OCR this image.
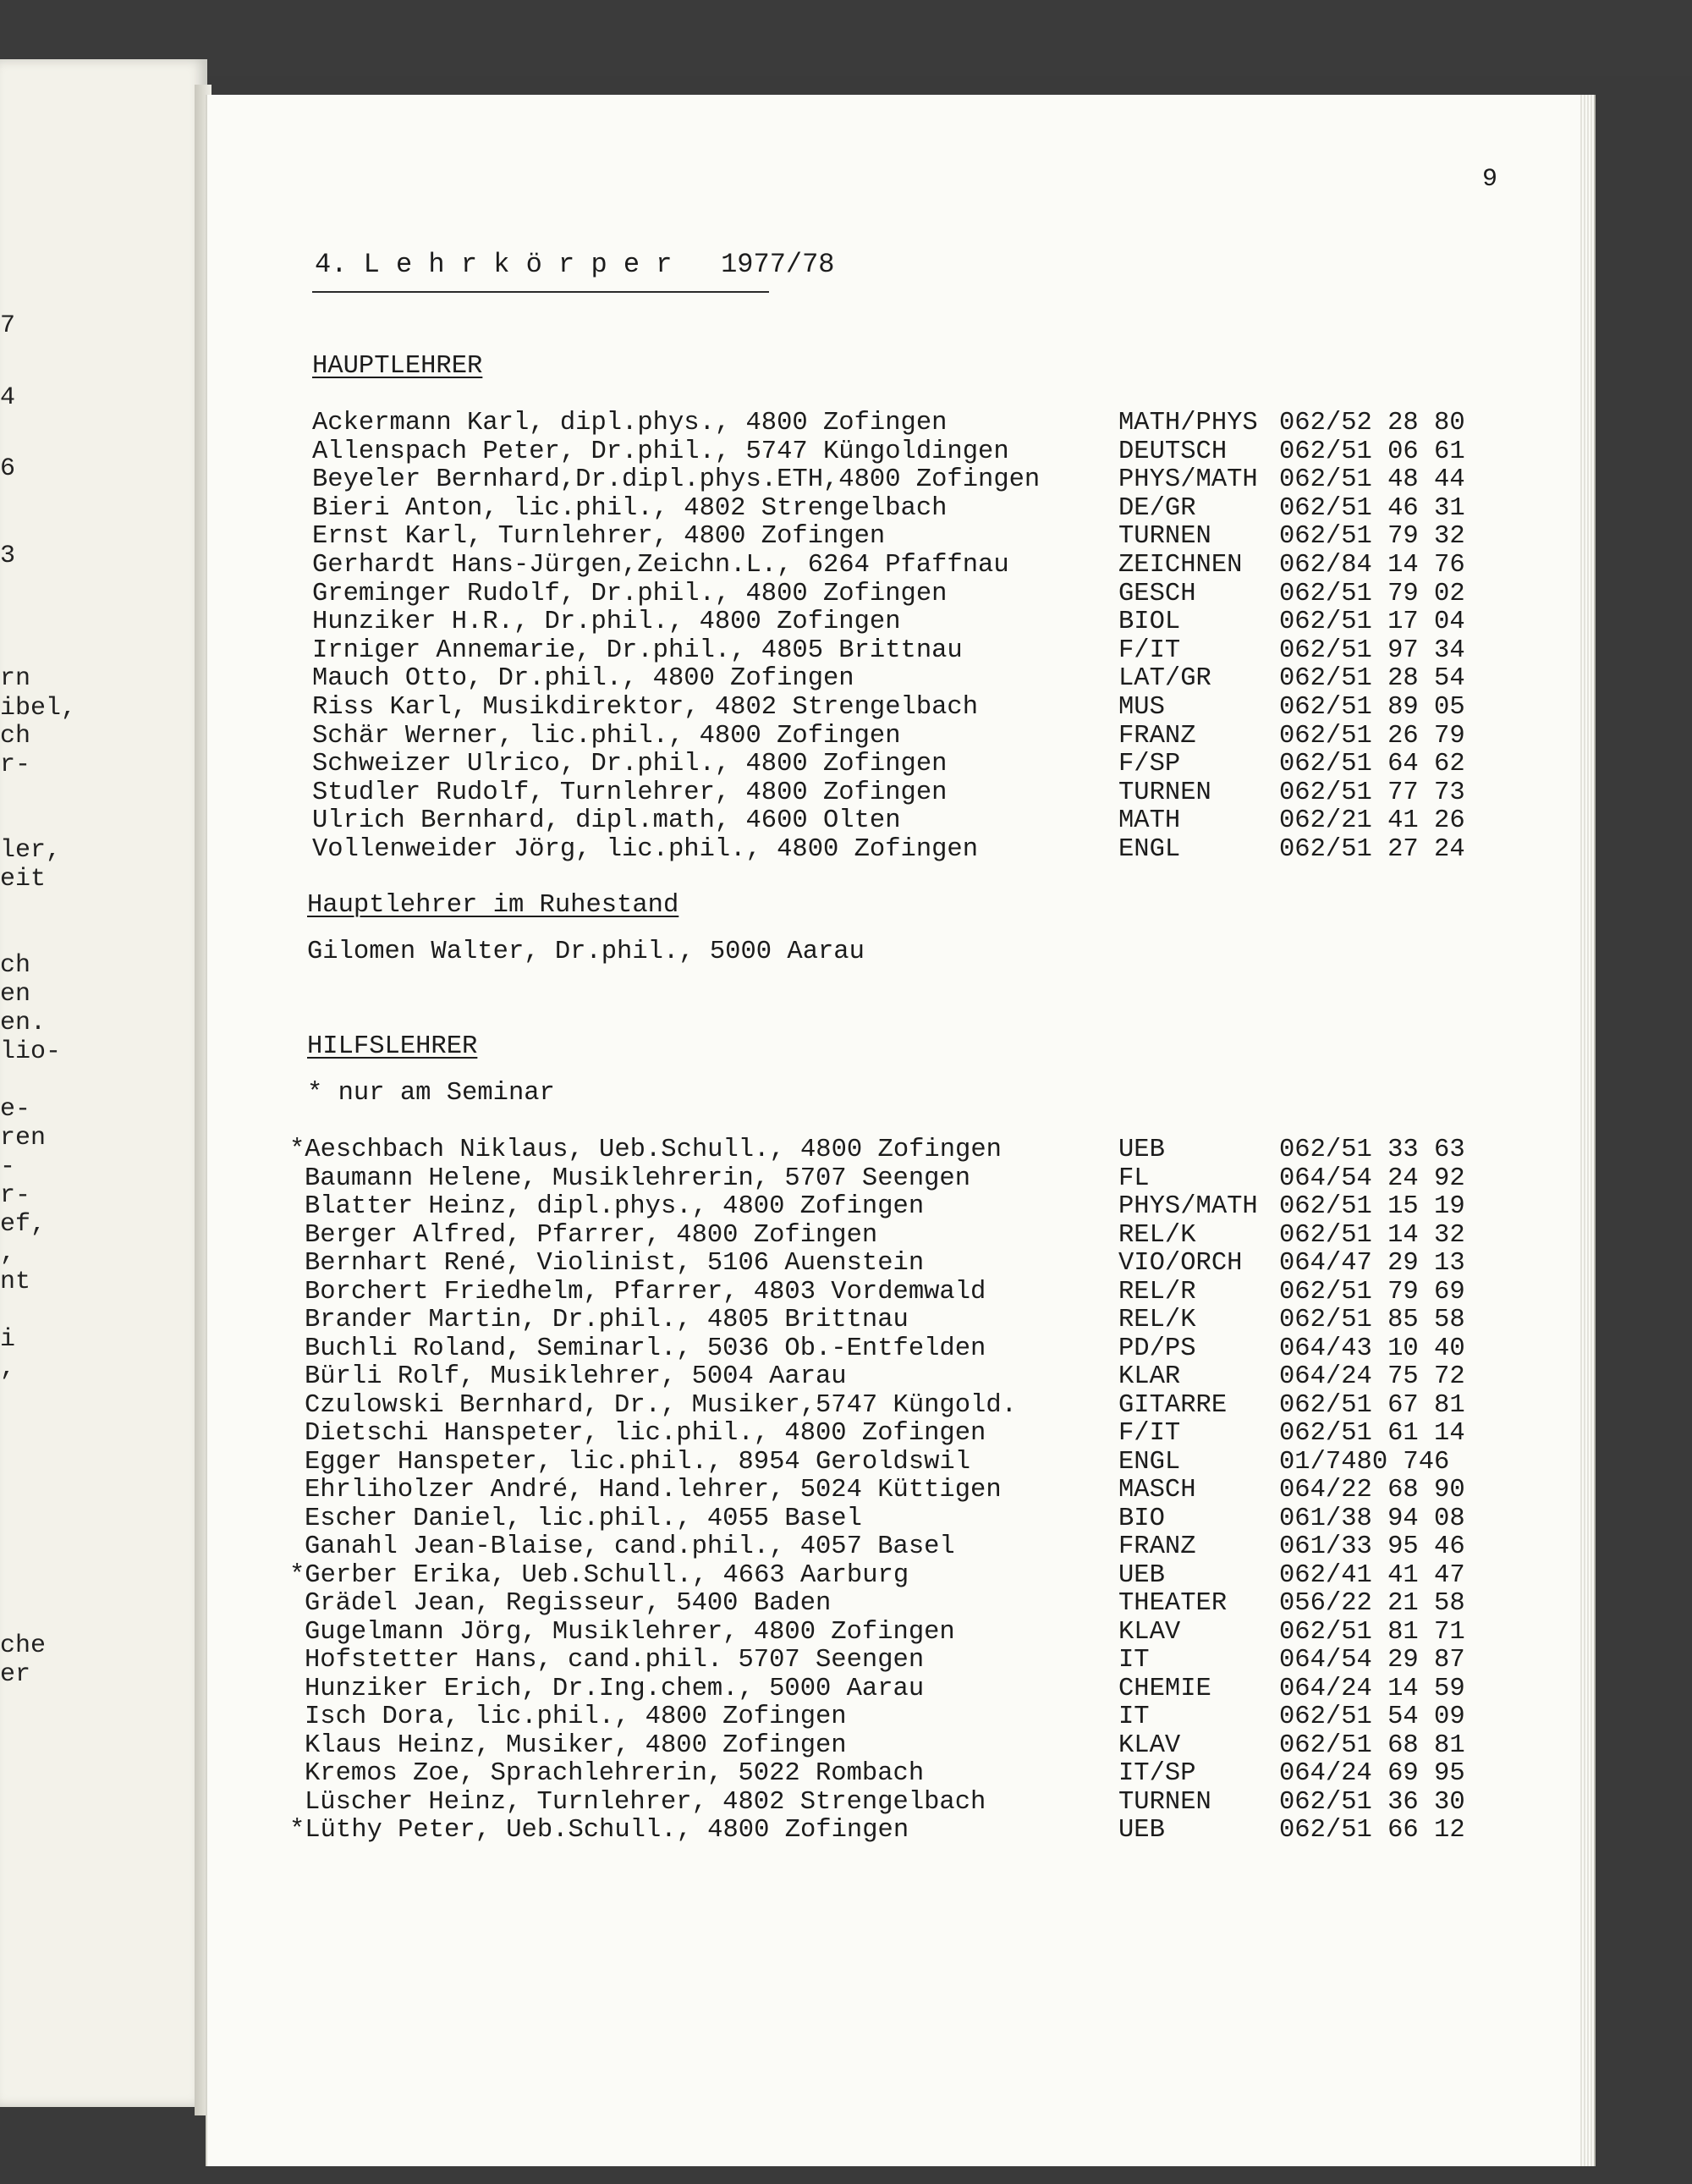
7
4
6
3
rn
ibel,
ch
r-
ler,
eit
ch
en
en.
lio-
e-
ren
-
r-
ef,
,
nt
i
,
che
er
9
4. L e h r k ö r p e r   1977/78
HAUPTLEHRER
Ackermann Karl, dipl.phys., 4800 Zofingen	MATH/PHYS 062/52 28 80
Allenspach Peter, Dr.phil., 5747 Küngoldingen	DEUTSCH 062/51 06 61
Beyeler Bernhard,Dr.dipl.phys.ETH,4800 Zofingen	PHYS/MATH 062/51 48 44
Bieri Anton, lic.phil., 4802 Strengelbach	DE/GR	062/51 46 31
Ernst Karl, Turnlehrer, 4800 Zofingen	TURNEN	062/51 79 32
Gerhardt Hans-Jürgen,Zeichn.L., 6264 Pfaffnau	ZEICHNEN 062/84 14 76
Greminger Rudolf, Dr.phil., 4800 Zofingen	GESCH	062/51 79 02
Hunziker H.R., Dr.phil., 4800 Zofingen	BIOL	062/51 17 04
Irniger Annemarie, Dr.phil., 4805 Brittnau	F/IT	062/51 97 34
Mauch Otto, Dr.phil., 4800 Zofingen	LAT/GR	062/51 28 54
Riss Karl, Musikdirektor, 4802 Strengelbach	MUS	062/51 89 05
Schär Werner, lic.phil., 4800 Zofingen	FRANZ	062/51 26 79
Schweizer Ulrico, Dr.phil., 4800 Zofingen	F/SP	062/51 64 62
Studler Rudolf, Turnlehrer, 4800 Zofingen	TURNEN	062/51 77 73
Ulrich Bernhard, dipl.math, 4600 Olten	MATH	062/21 41 26
Vollenweider Jörg, lic.phil., 4800 Zofingen	ENGL	062/51 27 24
Hauptlehrer im Ruhestand
Gilomen Walter, Dr.phil., 5000 Aarau
HILFSLEHRER
* nur am Seminar
*Aeschbach Niklaus, Ueb.Schull., 4800 Zofingen	UEB	062/51 33 63
Baumann Helene, Musiklehrerin, 5707 Seengen	FL	064/54 24 92
Blatter Heinz, dipl.phys., 4800 Zofingen	PHYS/MATH 062/51 15 19
Berger Alfred, Pfarrer, 4800 Zofingen	REL/K	062/51 14 32
Bernhart René, Violinist, 5106 Auenstein	VIO/ORCH 064/47 29 13
Borchert Friedhelm, Pfarrer, 4803 Vordemwald	REL/R	062/51 79 69
Brander Martin, Dr.phil., 4805 Brittnau	REL/K	062/51 85 58
Buchli Roland, Seminarl., 5036 Ob.-Entfelden	PD/PS	064/43 10 40
Bürli Rolf, Musiklehrer, 5004 Aarau	KLAR	064/24 75 72
Czulowski Bernhard, Dr., Musiker,5747 Küngold.	GITARRE 062/51 67 81
Dietschi Hanspeter, lic.phil., 4800 Zofingen	F/IT	062/51 61 14
Egger Hanspeter, lic.phil., 8954 Geroldswil	ENGL	01/7480 746
Ehrliholzer André, Hand.lehrer, 5024 Küttigen	MASCH	064/22 68 90
Escher Daniel, lic.phil., 4055 Basel	BIO	061/38 94 08
Ganahl Jean-Blaise, cand.phil., 4057 Basel	FRANZ	061/33 95 46
*Gerber Erika, Ueb.Schull., 4663 Aarburg	UEB	062/41 41 47
Grädel Jean, Regisseur, 5400 Baden	THEATER 056/22 21 58
Gugelmann Jörg, Musiklehrer, 4800 Zofingen	KLAV	062/51 81 71
Hofstetter Hans, cand.phil. 5707 Seengen	IT	064/54 29 87
Hunziker Erich, Dr.Ing.chem., 5000 Aarau	CHEMIE	064/24 14 59
Isch Dora, lic.phil., 4800 Zofingen	IT	062/51 54 09
Klaus Heinz, Musiker, 4800 Zofingen	KLAV	062/51 68 81
Kremos Zoe, Sprachlehrerin, 5022 Rombach	IT/SP	064/24 69 95
Lüscher Heinz, Turnlehrer, 4802 Strengelbach	TURNEN	062/51 36 30
*Lüthy Peter, Ueb.Schull., 4800 Zofingen	UEB	062/51 66 12
